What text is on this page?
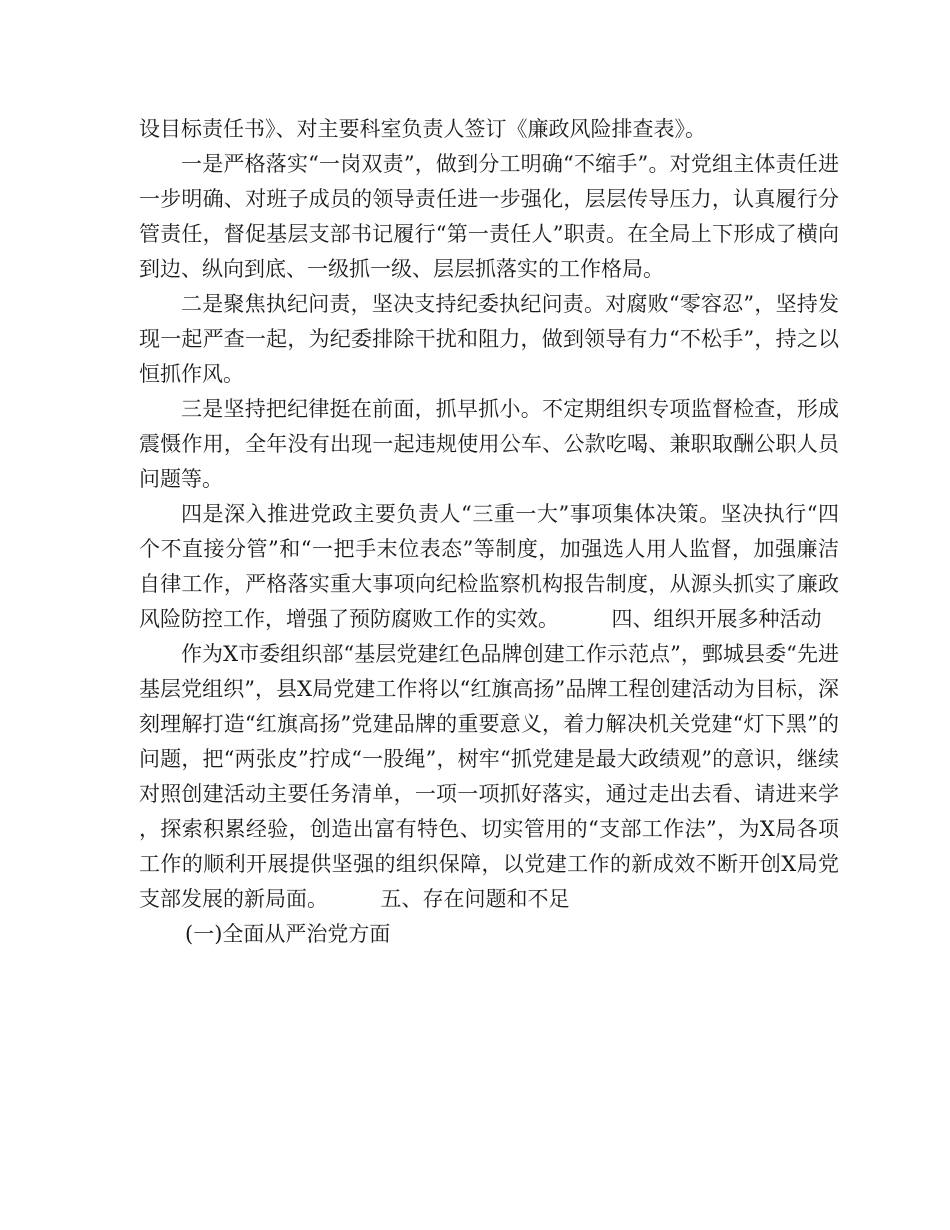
设目标责任书》、对主要科室负责人签订《廉政风险排查表》。

一是严格落实“一岗双责”，做到分工明确“不缩手”。对党组主体责任进一步明确、对班子成员的领导责任进一步强化，层层传导压力，认真履行分管责任，督促基层支部书记履行“第一责任人”职责。在全局上下形成了横向到边、纵向到底、一级抓一级、层层抓落实的工作格局。

二是聚焦执纪问责，坚决支持纪委执纪问责。对腐败“零容忍”，坚持发现一起严查一起，为纪委排除干扰和阻力，做到领导有力“不松手”，持之以恒抓作风。

三是坚持把纪律挺在前面，抓早抓小。不定期组织专项监督检查，形成震慑作用，全年没有出现一起违规使用公车、公款吃喝、兼职取酬公职人员问题等。

四是深入推进党政主要负责人“三重一大”事项集体决策。坚决执行“四个不直接分管”和“一把手末位表态”等制度，加强选人用人监督，加强廉洁自律工作，严格落实重大事项向纪检监察机构报告制度，从源头抓实了廉政风险防控工作，增强了预防腐败工作的实效。　　　四、组织开展多种活动

作为X市委组织部“基层党建红色品牌创建工作示范点”，鄄城县委“先进基层党组织”，县X局党建工作将以“红旗高扬”品牌工程创建活动为目标，深刻理解打造“红旗高扬”党建品牌的重要意义，着力解决机关党建“灯下黑”的问题，把“两张皮”拧成“一股绳”，树牢“抓党建是最大政绩观”的意识，继续对照创建活动主要任务清单，一项一项抓好落实，通过走出去看、请进来学，探索积累经验，创造出富有特色、切实管用的“支部工作法”，为X局各项工作的顺利开展提供坚强的组织保障，以党建工作的新成效不断开创X局党支部发展的新局面。　　　五、存在问题和不足

(一)全面从严治党方面
